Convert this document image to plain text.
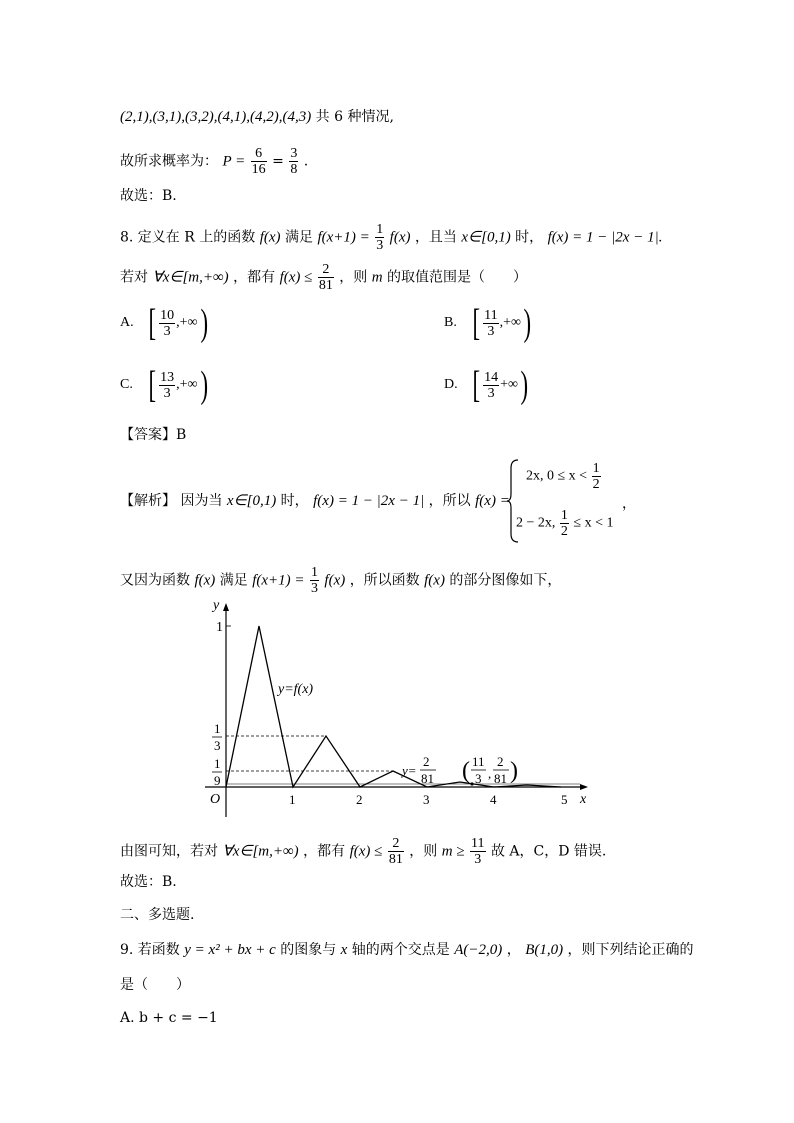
(2,1),(3,1),(3,2),(4,1),(4,2),(4,3) 共 6 种情况,
故所求概率为： $P = \frac{6}{16} = \frac{3}{8}$ .
故选：B.
8. 定义在 R 上的函数 f(x) 满足 $f(x+1) = \frac{1}{3} f(x)$ ，且当 x∈[0,1) 时， f(x) = 1 − |2x − 1|.
若对 ∀x∈[m,+∞) ，都有 $f(x) \le \frac{2}{81}$ ，则 m 的取值范围是（　　）
A. [ $\frac{10}{3}$ ,+∞)	B. [ $\frac{11}{3}$ ,+∞)
C. [ $\frac{13}{3}$ ,+∞)	D. [ $\frac{14}{3}$ +∞)
【答案】B
【解析】 因为当 x∈[0,1) 时， f(x) = 1 − |2x − 1| ，所以 f(x) =
2x, $0 \le x < \frac{1}{2}$
2 − 2x, $\frac{1}{2} \le x < 1$
，
又因为函数 f(x) 满足 $f(x+1) = \frac{1}{3} f(x)$ ，所以函数 f(x) 的部分图像如下，
y
x
O
1
1
3
1
9
1	2	3	4	5
y=f(x)
y=
2
81 ( 11
3 ,
2
81 )
由图可知，若对 ∀x∈[m,+∞) ，都有 $f(x) \le \frac{2}{81}$ ，则 $m \ge \frac{11}{3}$ 故 A，C，D 错误.
故选：B.
二、多选题.
9. 若函数 y = x² + bx + c 的图象与 x 轴的两个交点是 A(−2,0) ， B(1,0) ，则下列结论正确的
是（　　）
A. b + c = −1
